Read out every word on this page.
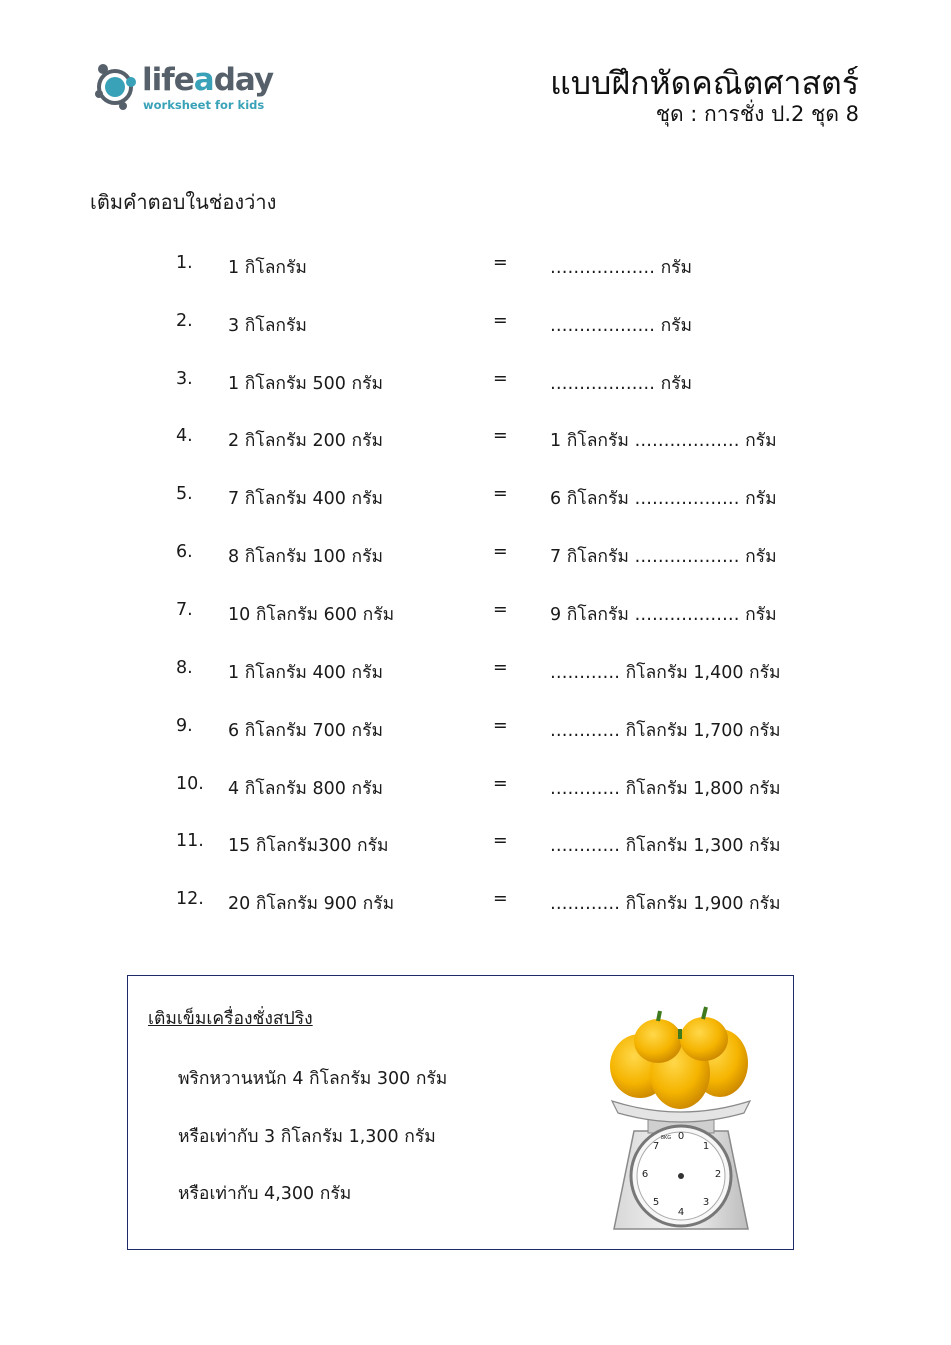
lifeaday
worksheet for kids
แบบฝึกหัดคณิตศาสตร์
ชุด : การชั่ง ป.2 ชุด 8
เติมคำตอบในช่องว่าง
1. 1 กิโลกรัม	= ……………… กรัม
2. 3 กิโลกรัม	= ……………… กรัม
3. 1 กิโลกรัม 500 กรัม	= ……………… กรัม
4. 2 กิโลกรัม 200 กรัม	= 1 กิโลกรัม ……………… กรัม
5. 7 กิโลกรัม 400 กรัม	= 6 กิโลกรัม ……………… กรัม
6. 8 กิโลกรัม 100 กรัม	= 7 กิโลกรัม ……………… กรัม
7. 10 กิโลกรัม 600 กรัม	= 9 กิโลกรัม ……………… กรัม
8. 1 กิโลกรัม 400 กรัม	= ………… กิโลกรัม 1,400 กรัม
9. 6 กิโลกรัม 700 กรัม	= ………… กิโลกรัม 1,700 กรัม
10. 4 กิโลกรัม 800 กรัม	= ………… กิโลกรัม 1,800 กรัม
11. 15 กิโลกรัม300 กรัม	= ………… กิโลกรัม 1,300 กรัม
12. 20 กิโลกรัม 900 กรัม	= ………… กิโลกรัม 1,900 กรัม
เติมเข็มเครื่องชั่งสปริง
พริกหวานหนัก 4 กิโลกรัม 300 กรัม
หรือเท่ากับ 3 กิโลกรัม 1,300 กรัม
หรือเท่ากับ 4,300 กรัม
0
1
2
3
4
5
6
7
8KG
